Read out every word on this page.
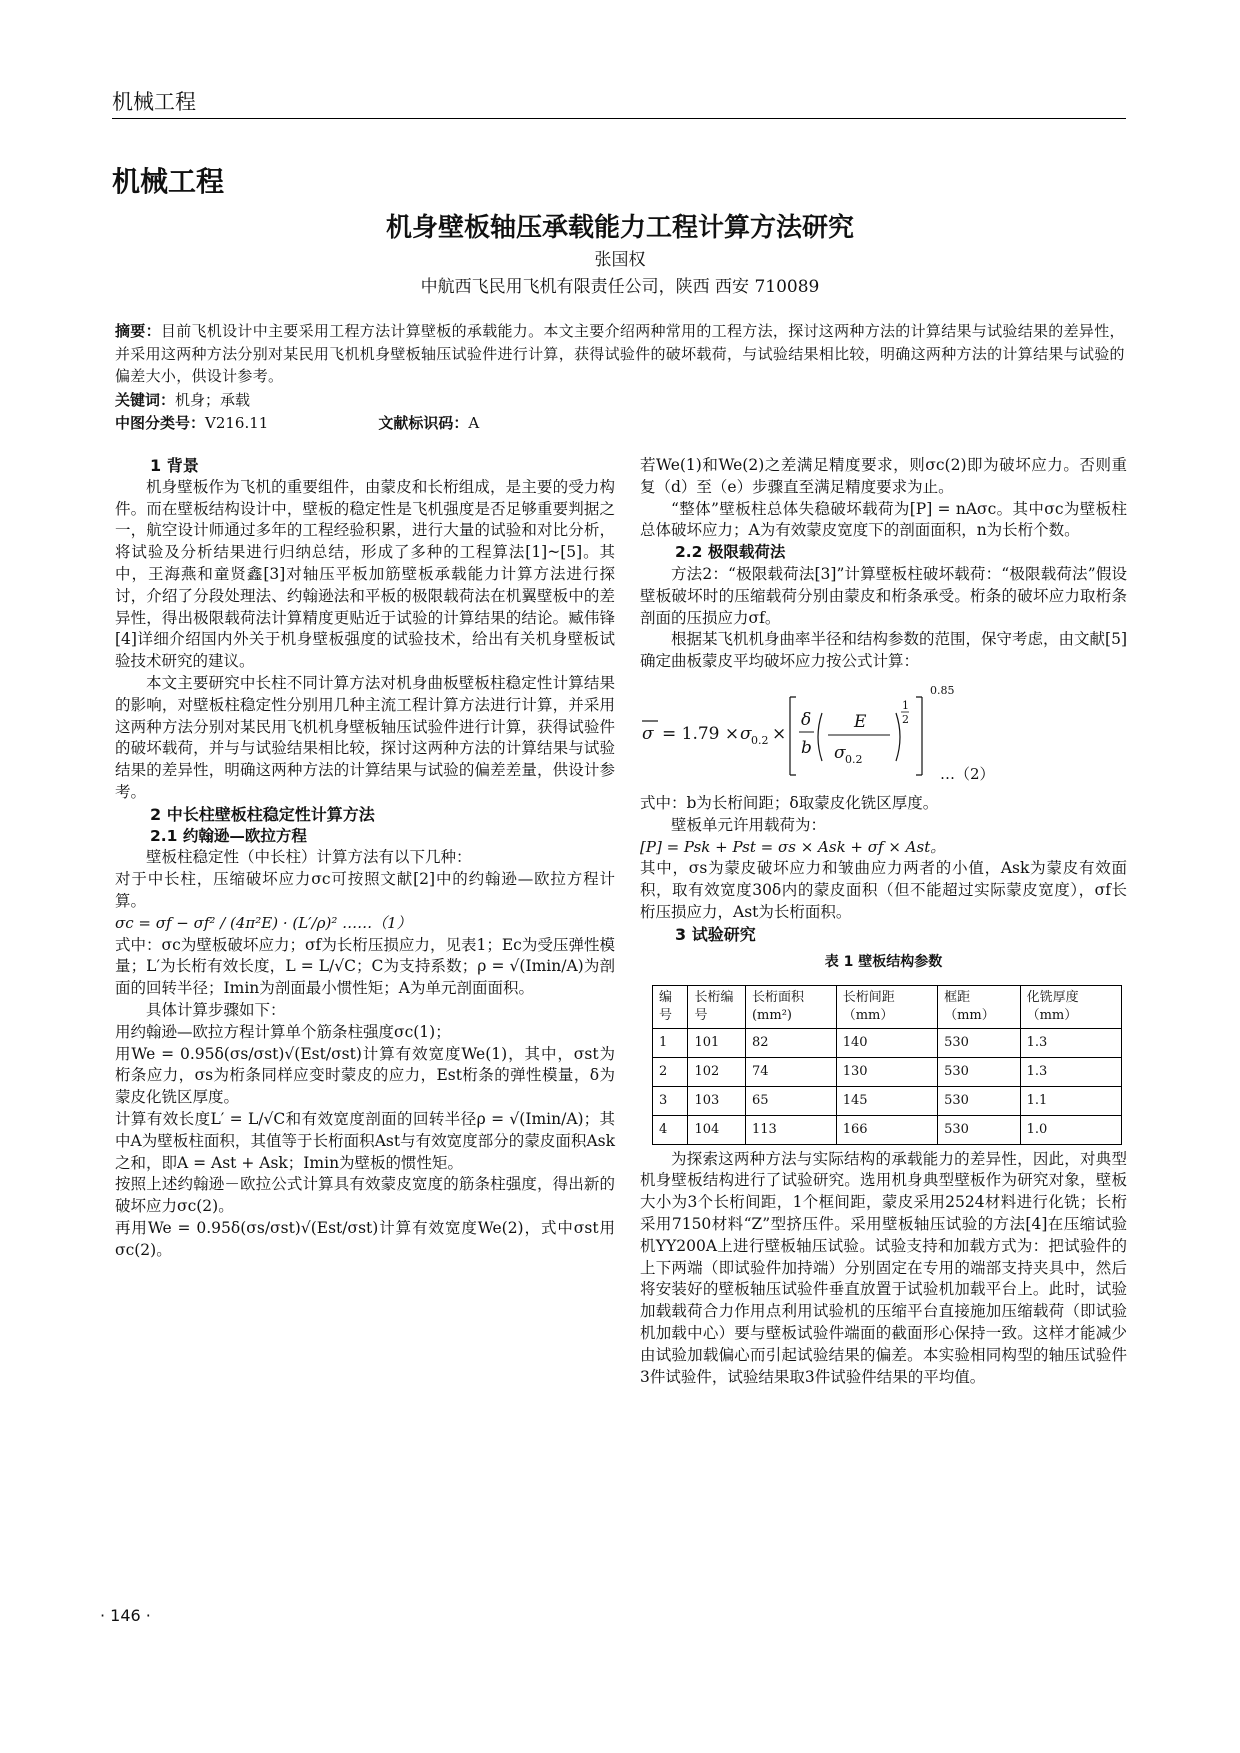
机械工程
机械工程
机身壁板轴压承载能力工程计算方法研究
张国权
中航西飞民用飞机有限责任公司，陕西 西安 710089
摘要：目前飞机设计中主要采用工程方法计算壁板的承载能力。本文主要介绍两种常用的工程方法，探讨这两种方法的计算结果与试验结果的差异性，并采用这两种方法分别对某民用飞机机身壁板轴压试验件进行计算，获得试验件的破坏载荷，与试验结果相比较，明确这两种方法的计算结果与试验的偏差大小，供设计参考。
关键词：机身；承载
中图分类号：V216.11	文献标识码：A

1 背景

机身壁板作为飞机的重要组件，由蒙皮和长桁组成，是主要的受力构件。而在壁板结构设计中，壁板的稳定性是飞机强度是否足够重要判据之一，航空设计师通过多年的工程经验积累，进行大量的试验和对比分析，将试验及分析结果进行归纳总结，形成了多种的工程算法[1]~[5]。其中，王海燕和童贤鑫[3]对轴压平板加筋壁板承载能力计算方法进行探讨，介绍了分段处理法、约翰逊法和平板的极限载荷法在机翼壁板中的差异性，得出极限载荷法计算精度更贴近于试验的计算结果的结论。臧伟锋[4]详细介绍国内外关于机身壁板强度的试验技术，给出有关机身壁板试验技术研究的建议。

本文主要研究中长柱不同计算方法对机身曲板壁板柱稳定性计算结果的影响，对壁板柱稳定性分别用几种主流工程计算方法进行计算，并采用这两种方法分别对某民用飞机机身壁板轴压试验件进行计算，获得试验件的破坏载荷，并与与试验结果相比较，探讨这两种方法的计算结果与试验结果的差异性，明确这两种方法的计算结果与试验的偏差差量，供设计参考。

2 中长柱壁板柱稳定性计算方法

2.1 约翰逊—欧拉方程

壁板柱稳定性（中长柱）计算方法有以下几种：

对于中长柱，压缩破坏应力σc可按照文献[2]中的约翰逊—欧拉方程计算。

σc = σf − σf² / (4π²E) · (L′/ρ)² ……（1）

式中：σc为壁板破坏应力；σf为长桁压损应力，见表1；Ec为受压弹性模量；L′为长桁有效长度，L = L/√C；C为支持系数；ρ = √(Imin/A)为剖面的回转半径；Imin为剖面最小惯性矩；A为单元剖面面积。

具体计算步骤如下：

用约翰逊—欧拉方程计算单个筋条柱强度σc(1)；

用We = 0.95δ(σs/σst)√(Est/σst)计算有效宽度We(1)，其中，σst为桁条应力，σs为桁条同样应变时蒙皮的应力，Est桁条的弹性模量，δ为蒙皮化铣区厚度。

计算有效长度L′ = L/√C和有效宽度剖面的回转半径ρ = √(Imin/A)；其中A为壁板柱面积，其值等于长桁面积Ast与有效宽度部分的蒙皮面积Ask之和，即A = Ast + Ask；Imin为壁板的惯性矩。

按照上述约翰逊－欧拉公式计算具有效蒙皮宽度的筋条柱强度，得出新的破坏应力σc(2)。

再用We = 0.95δ(σs/σst)√(Est/σst)计算有效宽度We(2)，式中σst用σc(2)。

若We(1)和We(2)之差满足精度要求，则σc(2)即为破坏应力。否则重复（d）至（e）步骤直至满足精度要求为止。

“整体”壁板柱总体失稳破坏载荷为[P] = nAσc。其中σc为壁板柱总体破坏应力；A为有效蒙皮宽度下的剖面面积，n为长桁个数。

2.2 极限载荷法

方法2：“极限载荷法[3]”计算壁板柱破坏载荷：“极限载荷法”假设壁板破坏时的压缩载荷分别由蒙皮和桁条承受。桁条的破坏应力取桁条剖面的压损应力σf。

根据某飞机机身曲率半径和结构参数的范围，保守考虑，由文献[5]确定曲板蒙皮平均破坏应力按公式计算：

σ = 1.79 × σ 0.2 ×
δ
b
E
σ 0.2
1
2
0.85
…（2）

式中：b为长桁间距；δ取蒙皮化铣区厚度。

壁板单元许用载荷为：

[P] = Psk + Pst = σs × Ask + σf × Ast。

其中，σs为蒙皮破坏应力和皱曲应力两者的小值，Ask为蒙皮有效面积，取有效宽度30δ内的蒙皮面积（但不能超过实际蒙皮宽度），σf长桁压损应力，Ast为长桁面积。

3 试验研究

表 1 壁板结构参数
编号	长桁编号	长桁面积(mm²)	长桁间距（mm）	框距（mm）	化铣厚度（mm）
1	101	82	140	530	1.3
2	102	74	130	530	1.3
3	103	65	145	530	1.1
4	104	113	166	530	1.0

为探索这两种方法与实际结构的承载能力的差异性，因此，对典型机身壁板结构进行了试验研究。选用机身典型壁板作为研究对象，壁板大小为3个长桁间距，1个框间距，蒙皮采用2524材料进行化铣；长桁采用7150材料“Z”型挤压件。采用壁板轴压试验的方法[4]在压缩试验机YY200A上进行壁板轴压试验。试验支持和加载方式为：把试验件的上下两端（即试验件加持端）分别固定在专用的端部支持夹具中，然后将安装好的壁板轴压试验件垂直放置于试验机加载平台上。此时，试验加载载荷合力作用点利用试验机的压缩平台直接施加压缩载荷（即试验机加载中心）要与壁板试验件端面的截面形心保持一致。这样才能减少由试验加载偏心而引起试验结果的偏差。本实验相同构型的轴压试验件3件试验件，试验结果取3件试验件结果的平均值。

· 146 ·
